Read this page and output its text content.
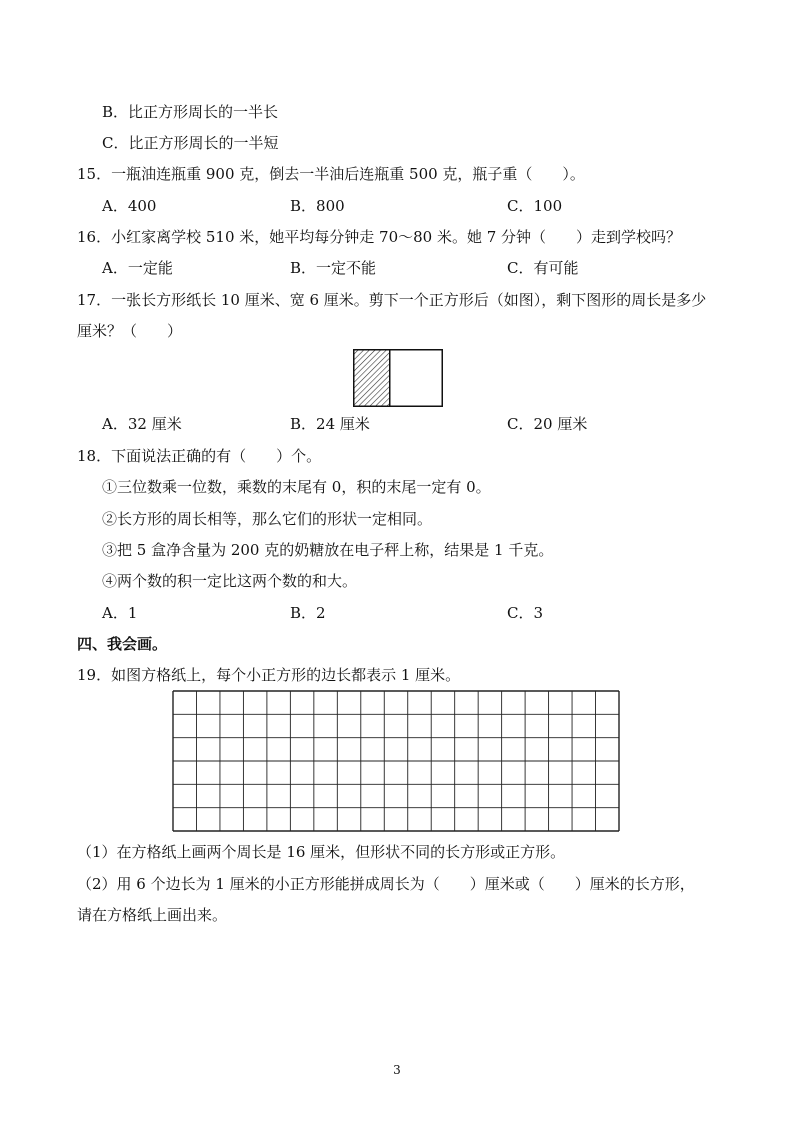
B．比正方形周长的一半长
C．比正方形周长的一半短
15．一瓶油连瓶重 900 克，倒去一半油后连瓶重 500 克，瓶子重（　　）。
A．400	B．800	C．100
16．小红家离学校 510 米，她平均每分钟走 70～80 米。她 7 分钟（　　）走到学校吗？
A．一定能	B．一定不能	C．有可能
17．一张长方形纸长 10 厘米、宽 6 厘米。剪下一个正方形后（如图），剩下图形的周长是多少
厘米？（　　）
A．32 厘米	B．24 厘米	C．20 厘米
18．下面说法正确的有（　　）个。
①三位数乘一位数，乘数的末尾有 0，积的末尾一定有 0。
②长方形的周长相等，那么它们的形状一定相同。
③把 5 盒净含量为 200 克的奶糖放在电子秤上称，结果是 1 千克。
④两个数的积一定比这两个数的和大。
A．1	B．2	C．3
四、我会画。
19．如图方格纸上，每个小正方形的边长都表示 1 厘米。
（1）在方格纸上画两个周长是 16 厘米，但形状不同的长方形或正方形。
（2）用 6 个边长为 1 厘米的小正方形能拼成周长为（　　）厘米或（　　）厘米的长方形，
请在方格纸上画出来。
3
